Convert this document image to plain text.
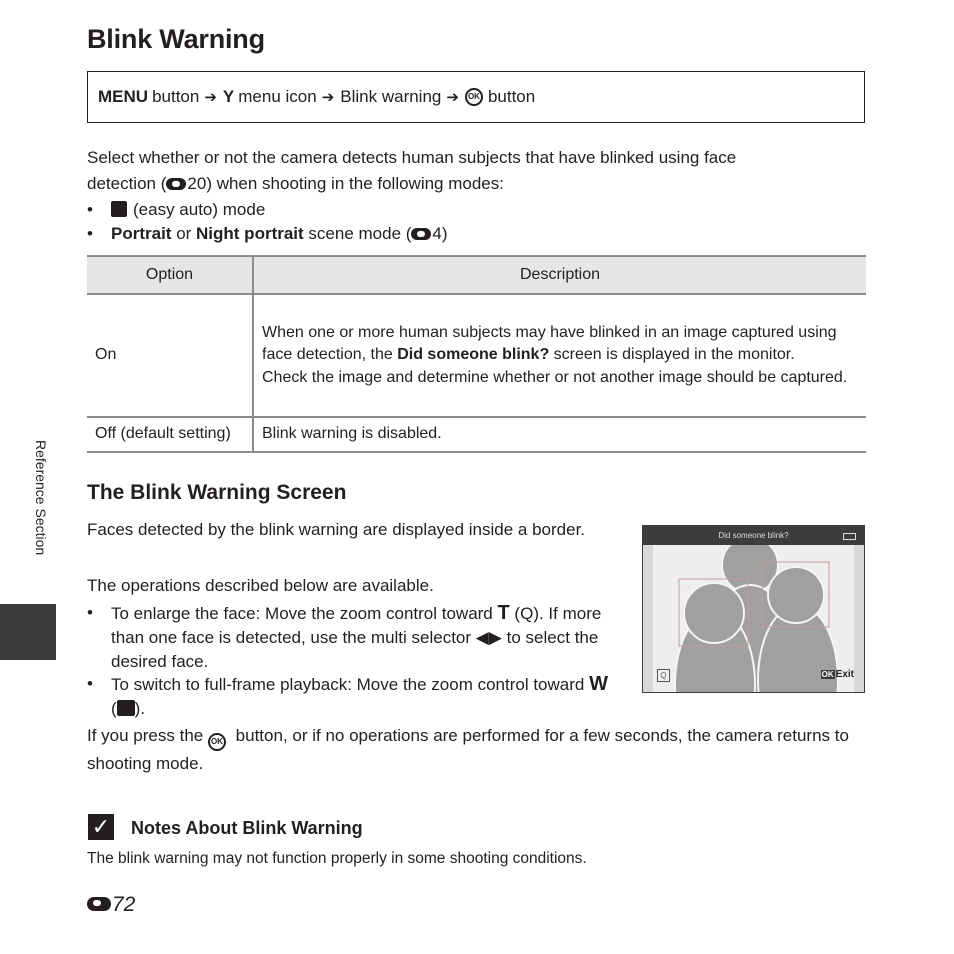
Blink Warning
MENU button ➔ Y menu icon ➔ Blink warning ➔	OK button
Select whether or not the camera detects human subjects that have blinked using face
detection ( 20) when shooting in the following modes:
• (easy auto) mode
• Portrait or Night portrait scene mode ( 4)
Option	Description
On	When one or more human subjects may have blinked in an image captured using face detection, the Did someone blink? screen is displayed in the monitor.
Check the image and determine whether or not another image should be captured.
Off (default setting)	Blink warning is disabled.
The Blink Warning Screen
Faces detected by the blink warning are displayed inside a border.
The operations described below are available.
• To enlarge the face: Move the zoom control toward T (Q). If more than one face is detected, use the multi selector ◀▶ to select the desired face.
• To switch to full-frame playback: Move the zoom control toward W ( ).
If you press the OK button, or if no operations are performed for a few seconds, the camera returns to shooting mode.
Did someone blink?
Q	OK Exit
Reference Section
✓ Notes About Blink Warning
The blink warning may not function properly in some shooting conditions.
72
